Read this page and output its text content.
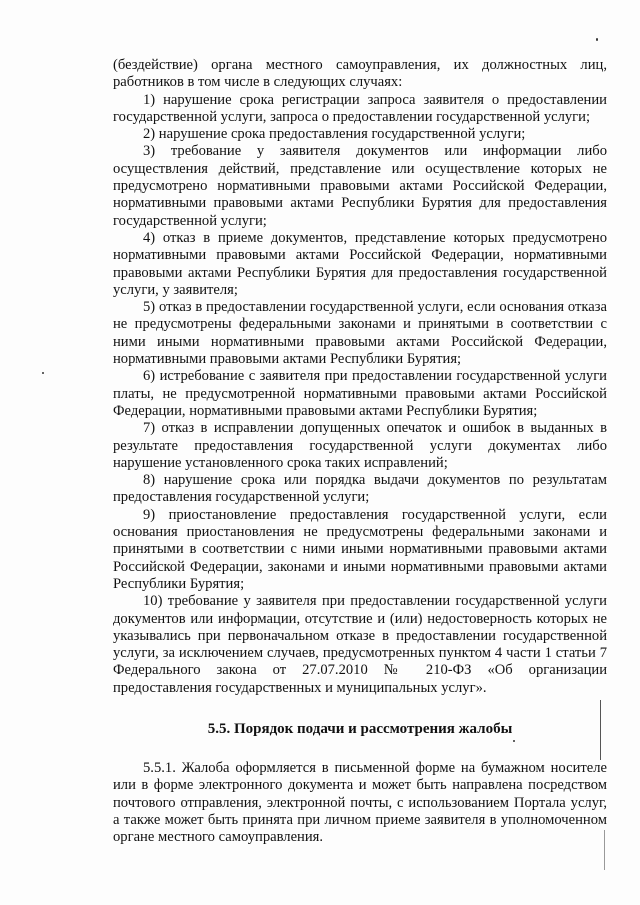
(бездействие) органа местного самоуправления, их должностных лиц, работников в том числе в следующих случаях:

1) нарушение срока регистрации запроса заявителя о предоставлении государственной услуги, запроса о предоставлении государственной услуги;

2) нарушение срока предоставления государственной услуги;

3) требование у заявителя документов или информации либо осуществления действий, представление или осуществление которых не предусмотрено нормативными правовыми актами Российской Федерации, нормативными правовыми актами Республики Бурятия для предоставления государственной услуги;

4) отказ в приеме документов, представление которых предусмотрено нормативными правовыми актами Российской Федерации, нормативными правовыми актами Республики Бурятия для предоставления государственной услуги, у заявителя;

5) отказ в предоставлении государственной услуги, если основания отказа не предусмотрены федеральными законами и принятыми в соответствии с ними иными нормативными правовыми актами Российской Федерации, нормативными правовыми актами Республики Бурятия;

6) истребование с заявителя при предоставлении государственной услуги платы, не предусмотренной нормативными правовыми актами Российской Федерации, нормативными правовыми актами Республики Бурятия;

7) отказ в исправлении допущенных опечаток и ошибок в выданных в результате предоставления государственной услуги документах либо нарушение установленного срока таких исправлений;

8) нарушение срока или порядка выдачи документов по результатам предоставления государственной услуги;

9) приостановление предоставления государственной услуги, если основания приостановления не предусмотрены федеральными законами и принятыми в соответствии с ними иными нормативными правовыми актами Российской Федерации, законами и иными нормативными правовыми актами Республики Бурятия;

10) требование у заявителя при предоставлении государственной услуги документов или информации, отсутствие и (или) недостоверность которых не указывались при первоначальном отказе в предоставлении государственной услуги, за исключением случаев, предусмотренных пунктом 4 части 1 статьи 7 Федерального закона от 27.07.2010 № 210-ФЗ «Об организации предоставления государственных и муниципальных услуг».

5.5. Порядок подачи и рассмотрения жалобы

5.5.1. Жалоба оформляется в письменной форме на бумажном носителе или в форме электронного документа и может быть направлена посредством почтового отправления, электронной почты, с использованием Портала услуг, а также может быть принята при личном приеме заявителя в уполномоченном органе местного самоуправления.
